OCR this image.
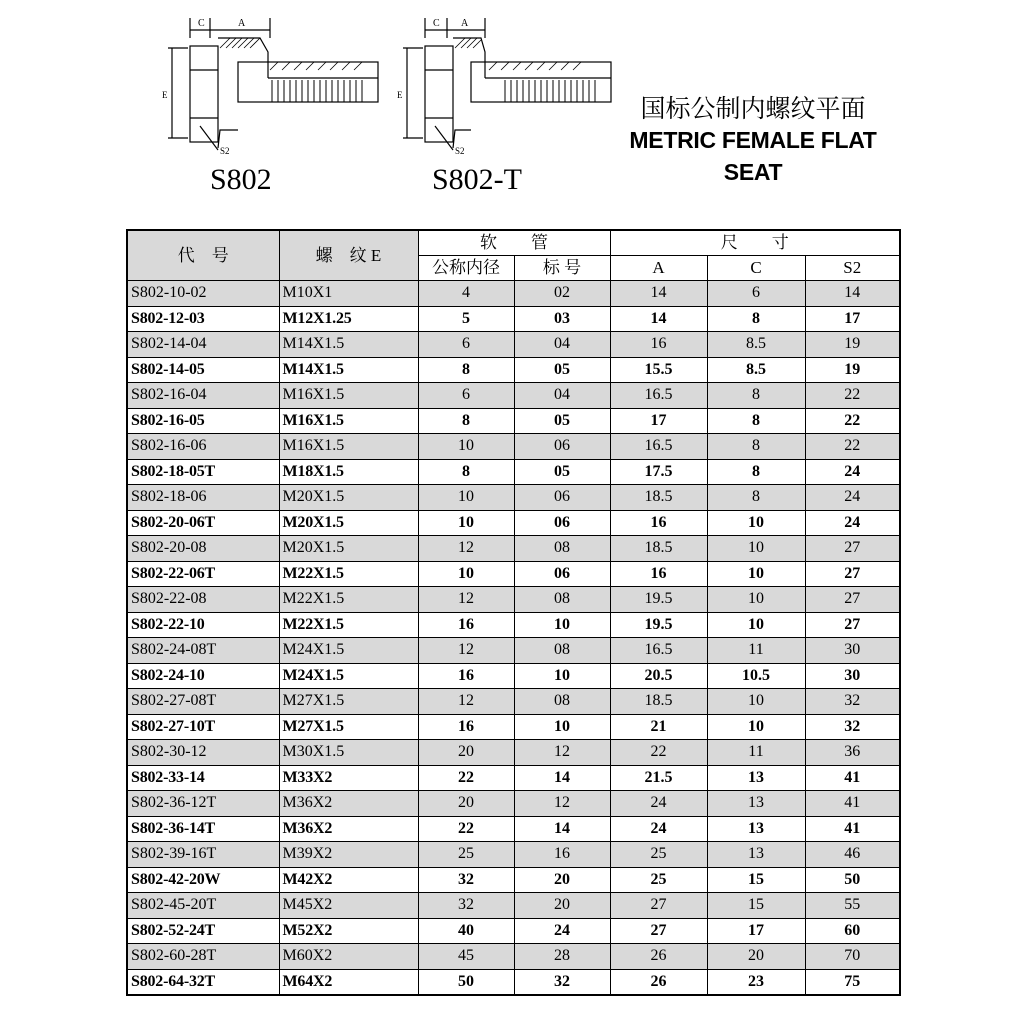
C	A
E
S2
C A
E
S2
S802	S802-T
国标公制内螺纹平面
METRIC FEMALE FLAT
SEAT
代　号	螺　纹 E	软　　管		尺　　寸		
		公称内径	标 号	A	C	S2
S802-10-02	M10X1	4	02	14	6	14
S802-12-03	M12X1.25	5	03	14	8	17
S802-14-04	M14X1.5	6	04	16	8.5	19
S802-14-05	M14X1.5	8	05	15.5	8.5	19
S802-16-04	M16X1.5	6	04	16.5	8	22
S802-16-05	M16X1.5	8	05	17	8	22
S802-16-06	M16X1.5	10	06	16.5	8	22
S802-18-05T	M18X1.5	8	05	17.5	8	24
S802-18-06	M20X1.5	10	06	18.5	8	24
S802-20-06T	M20X1.5	10	06	16	10	24
S802-20-08	M20X1.5	12	08	18.5	10	27
S802-22-06T	M22X1.5	10	06	16	10	27
S802-22-08	M22X1.5	12	08	19.5	10	27
S802-22-10	M22X1.5	16	10	19.5	10	27
S802-24-08T	M24X1.5	12	08	16.5	11	30
S802-24-10	M24X1.5	16	10	20.5	10.5	30
S802-27-08T	M27X1.5	12	08	18.5	10	32
S802-27-10T	M27X1.5	16	10	21	10	32
S802-30-12	M30X1.5	20	12	22	11	36
S802-33-14	M33X2	22	14	21.5	13	41
S802-36-12T	M36X2	20	12	24	13	41
S802-36-14T	M36X2	22	14	24	13	41
S802-39-16T	M39X2	25	16	25	13	46
S802-42-20W	M42X2	32	20	25	15	50
S802-45-20T	M45X2	32	20	27	15	55
S802-52-24T	M52X2	40	24	27	17	60
S802-60-28T	M60X2	45	28	26	20	70
S802-64-32T	M64X2	50	32	26	23	75
